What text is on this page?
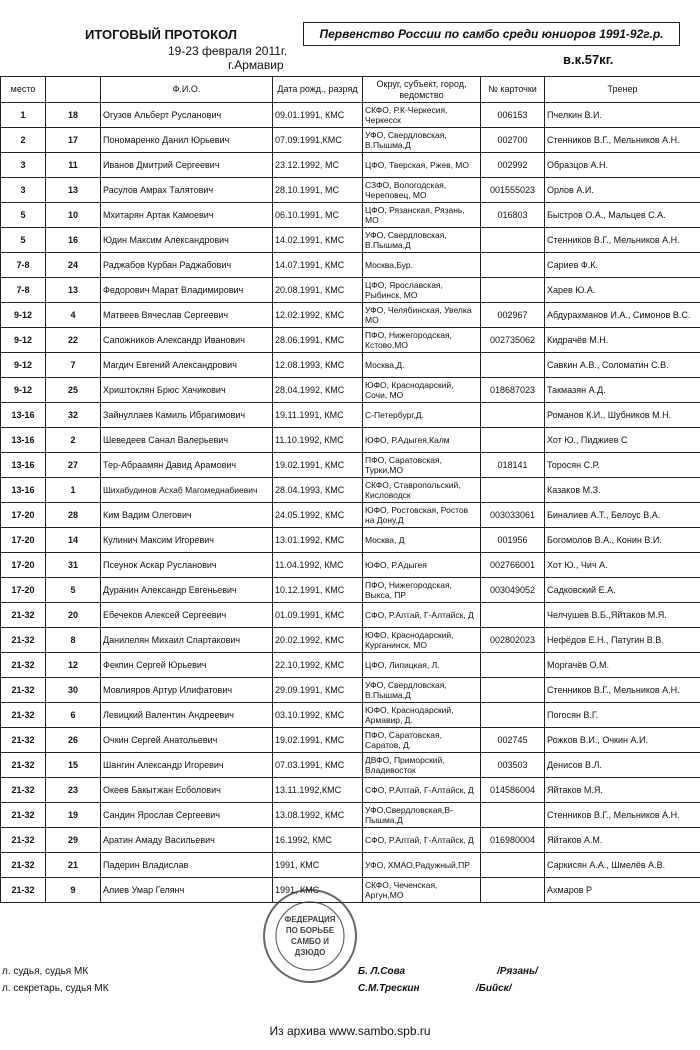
ИТОГОВЫЙ ПРОТОКОЛ
19-23 февраля 2011г.
г.Армавир
Первенство России по самбо среди юниоров 1991-92г.р.
в.к.57кг.
место		Ф.И.О.	Дата рожд., разряд	Округ, субъект, город, ведомство	№ карточки	Тренер
1	18	Огузов Альберт Русланович	09.01.1991, КМС	СКФО, Р.К-Черкесия, Черкесск	006153	Пчелкин В.И.
2	17	Пономаренко Данил Юрьевич	07.09.1991,КМС	УФО, Свердловская, В.Пышма,Д	002700	Стенников В.Г., Мельников А.Н.
3	11	Иванов Дмитрий Сергеевич	23.12.1992, МС	ЦФО, Тверская, Ржев, МО	002992	Образцов А.Н.
3	13	Расулов Амрах Талятович	28.10.1991, МС	СЗФО, Вологодская, Череповец, МО	001555023	Орлов А.И.
5	10	Мхитарян Артак Камоевич	06.10.1991, МС	ЦФО, Рязанская, Рязань, МО	016803	Быстров О.А., Мальцев С.А.
5	16	Юдин Максим Александрович	14.02.1991, КМС	УФО, Свердловская, В.Пышма,Д		Стенников В.Г., Мельников А.Н.
7-8	24	Раджабов Курбан Раджабович	14.07.1991, КМС	Москва,Бур.		Сариев Ф.К.
7-8	13	Федорович Марат Владимирович	20.08.1991, КМС	ЦФО, Ярославская, Рыбинск, МО		Харев Ю.А.
9-12	4	Матвеев Вячеслав Сергеевич	12.02.1992, КМС	УФО, Челябинская, Увелка МО	002967	Абдурахманов И.А., Симонов В.С.
9-12	22	Сапожников Александр Иванович	28.06.1991, КМС	ПФО, Нижегородская, Кстово,МО	002735062	Кидрачёв М.Н.
9-12	7	Магдич Евгений Александрович	12.08.1993, КМС	Москва,Д.		Савкин А.В., Соломатин С.В.
9-12	25	Хриштоклян Брюс Хачикович	28.04.1992, КМС	ЮФО, Краснодарский, Сочи, МО	018687023	Такмазян А.Д.
13-16	32	Зайнуллаев Камиль Ибрагимович	19.11.1991, КМС	С-Петербург,Д.		Романов К.И., Шубников М.Н.
13-16	2	Шеведеев Санал Валерьевич	11.10.1992, КМС	ЮФО, Р.Адыгея,Калм		Хот Ю., Пиджиев С
13-16	27	Тер-Абраамян Давид Арамович	19.02.1991, КМС	ПФО, Саратовская, Турки,МО	018141	Торосян С.Р.
13-16	1	Шихабудинов Асхаб Магомеднабиевич	28.04.1993, КМС	СКФО, Ставропольский, Кисловодск		Казаков М.З.
17-20	28	Ким Вадим Олегович	24.05.1992, КМС	ЮФО, Ростовская, Ростов на Дону,Д	003033061	Биналиев А.Т., Белоус В.А.
17-20	14	Кулинич Максим Игоревич	13.01.1992, КМС	Москва, Д	001956	Богомолов В.А., Конин В.И.
17-20	31	Псеунок Аскар Русланович	11.04.1992, КМС	ЮФО, Р.Адыгея	002766001	Хот Ю., Чич А.
17-20	5	Дуранин Александр Евгеньевич	10.12.1991, КМС	ПФО, Нижегородская, Выкса, ПР	003049052	Садковский Е.А.
21-32	20	Ебечеков Алексей Сергеевич	01.09.1991, КМС	СФО, Р.Алтай, Г-Алтайск, Д		Челчушев В.Б.,Яйтаков М.Я.
21-32	8	Данилелян Михаил Спартакович	20.02.1992, КМС	ЮФО, Краснодарский, Курганинск, МО	002802023	Нефёдов Е.Н., Патугин В.В.
21-32	12	Фекпин Сергей Юрьевич	22.10.1992, КМС	ЦФО, Липицкая, Л.		Моргачёв О.М.
21-32	30	Мовлияров Артур Илифатович	29.09.1991, КМС	УФО, Свердловская, В.Пышма,Д		Стенников В.Г., Мельников А.Н.
21-32	6	Левицкий Валентин Андреевич	03.10.1992, КМС	ЮФО, Краснодарский, Армавир, Д.		Погосян В.Г.
21-32	26	Очкин Сергей Анатольевич	19.02.1991, КМС	ПФО, Саратовская, Саратов, Д.	002745	Рожков В.И., Очкин А.И.
21-32	15	Шангин Александр Игоревич	07.03.1991, КМС	ДВФО, Приморский, Владивосток	003503	Денисов В.Л.
21-32	23	Океев Бакытжан Есболович	13.11.1992,КМС	СФО, Р.Алтай, Г-Алтайск, Д	014586004	Яйтаков М.Я.
21-32	19	Сандин Ярослав Сергеевич	13.08.1992, КМС	УФО,Свердловская,В-Пышма,Д		Стенников В.Г., Мельников А.Н.
21-32	29	Аратин Амаду Васильевич	16.1992, КМС	СФО, Р.Алтай, Г-Алтайск, Д	016980004	Яйтаков А.М.
21-32	21	Падерин Владислав	1991, КМС	УФО, ХМАО,Радужный,ПР		Саркисян А.А., Шмелёв А.В.
21-32	9	Алиев Умар Гелянч	1991, КМС	СКФО, Чеченская, Аргун,МО		Ахмаров Р
л. судья, судья МК	Б. Л.Сова	/Рязань/
л. секретарь, судья МК	С.М.Трескин	/Бийск/
ФЕДЕРАЦИЯ
ПО БОРЬБЕ
САМБО И
ДЗЮДО
Из архива www.sambo.spb.ru
